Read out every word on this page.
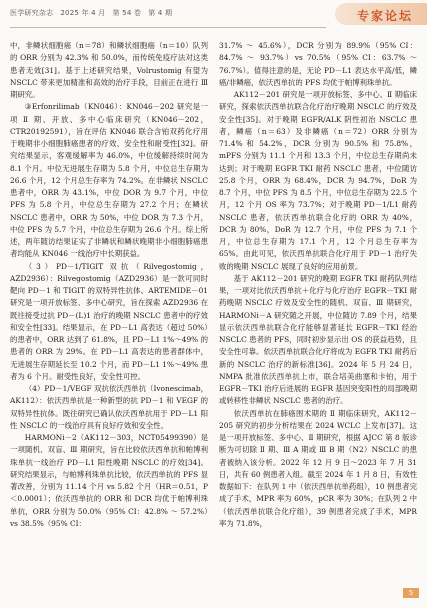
医学研究杂志　2025 年 4 月　第 54 卷　第 4 期	专家论坛

中，非鳞状细胞癌（n＝78）和鳞状细胞癌（n＝10）队列的 ORR 分别为 42.3% 和 50.0%，而传统免疫疗法对这类患者无效[31]。基于上述研究结果，Volrustomig 有望为 NSCLC 带来更加精准和高效的治疗手段，目前正在进行 Ⅲ 期研究。

③Erfonrilimab（KN046）：KN046－202 研究是一项 Ⅱ 期、开放、多中心临床研究（KN046－202，CTR20192591），旨在评估 KN046 联合含铂双药化疗用于晚期非小细胞肺癌患者的疗效、安全性和耐受性[32]。研究结果显示，客观缓解率为 46.0%，中位缓解持续时间为 8.1 个月。中位无进展生存期为 5.8 个月，中位总生存期为 26.6 个月，12 个月总生存率为 74.2%。在非鳞状 NSCLC 患者中，ORR 为 43.1%，中位 DOR 为 9.7 个月，中位 PFS 为 5.8 个月，中位总生存期为 27.2 个月；在鳞状 NSCLC 患者中，ORR 为 50%，中位 DOR 为 7.3 个月，中位 PFS 为 5.7 个月，中位总生存期为 26.6 个月。综上所述，两年随访结果证实了非鳞状和鳞状晚期非小细胞肺癌患者均能从 KN046 一线治疗中长期获益。

（3）PD－1/TIGIT 双抗（Rilvegostomig，AZD2936）：Rilvegostomig（AZD2936）是一款可同时靶向 PD－1 和 TIGIT 的双特异性抗体。ARTEMIDE－01 研究是一项开放标签、多中心研究，旨在探索 AZD2936 在既往接受过抗 PD－(L)1 治疗的晚期 NSCLC 患者中的疗效和安全性[33]。结果显示，在 PD－L1 高表达（超过 50%）的患者中，ORR 达到了 61.8%，且 PD－L1 1%～49% 的患者的 ORR 为 29%。在 PD－L1 高表达的患者群体中，无进展生存期延长至 10.2 个月，而 PD－L1 1%～49% 患者为 6 个月。耐受性良好，安全性可控。

（4）PD－1/VEGF 双抗依沃西单抗（Ivonescimab，AK112）：依沃西单抗是一种新型的抗 PD－1 和 VEGF 的双特异性抗体。既往研究已确认依沃西单抗用于 PD－L1 阳性 NSCLC 的一线治疗具有良好疗效和安全性。

HARMONi－2（AK112－303，NCT05499390）是一项随机、双盲、Ⅲ 期研究，旨在比较依沃西单抗和帕博利珠单抗一线治疗 PD－L1 阳性晚期 NSCLC 的疗效[34]。研究结果显示，与帕博利珠单抗比较，依沃西单抗的 PFS 显著改善，分别为 11.14 个月 vs 5.82 个月（HR＝0.51，P＜0.0001）；依沃西单抗的 ORR 和 DCR 均优于帕博利珠单抗，ORR 分别为 50.0%（95% CI：42.8% ～ 57.2%）vs 38.5%（95% CI：

31.7% ～ 45.6%），DCR 分别为 89.9%（95% CI：84.7% ～ 93.7%）vs 70.5%（95% CI：63.7% ～ 76.7%）。值得注意的是，无论 PD－L1 表达水平高/低，鳞癌/非鳞癌，依沃西单抗的 PFS 均优于帕博利珠单抗。

AK112－201 研究是一项开放标签、多中心、Ⅱ 期临床研究，探索依沃西单抗联合化疗治疗晚期 NSCLC 的疗效及安全性[35]。对于晚期 EGFR/ALK 阴性初治 NSCLC 患者，鳞癌（n＝63）及非鳞癌（n＝72）ORR 分别为 71.4% 和 54.2%，DCR 分别为 90.5% 和 75.8%，mPFS 分别为 11.1 个月和 13.3 个月，中位总生存期尚未达到；对于晚期 EGFR TKI 耐药 NSCLC 患者，中位随访 25.8 个月，ORR 为 68.4%，DCR 为 94.7%，DoR 为 8.7 个月，中位 PFS 为 8.5 个月，中位总生存期为 22.5 个月，12 个月 OS 率为 73.7%；对于晚期 PD－1/L1 耐药 NSCLC 患者，依沃西单抗联合化疗的 ORR 为 40%，DCR 为 80%，DoR 为 12.7 个月，中位 PFS 为 7.1 个月，中位总生存期为 17.1 个月，12 个月总生存率为 65%。由此可见，依沃西单抗联合化疗用于 PD－1 治疗失败的晚期 NSCLC 展现了良好的应用前景。

基于 AK112－201 研究的晚期 EGFR TKI 耐药队列结果，一项对比依沃西单抗＋化疗与化疗治疗 EGFR－TKI 耐药晚期 NSCLC 疗效及安全性的随机、双盲、Ⅲ 期研究，HARMONi－A 研究随之开展，中位随访 7.89 个月，结果显示依沃西单抗联合化疗能够显著延长 EGFR－TKI 经治 NSCLC 患者的 PFS，同时初步显示出 OS 的获益趋势，且安全性可靠。依沃西单抗联合化疗将成为 EGFR TKI 耐药后新的 NSCLC 治疗的新标准[36]。2024 年 5 月 24 日，NMPA 批准依沃西单抗上市，联合培美曲塞和卡铂，用于 EGFR－TKI 治疗后进展的 EGFR 基因突变阳性的局部晚期或转移性非鳞状 NSCLC 患者的治疗。

依沃西单抗在肺癌围术期的 Ⅱ 期临床研究，AK112－205 研究的初步分析结果在 2024 WCLC 上发布[37]。这是一项开放标签、多中心、Ⅱ 期研究，根据 AJCC 第 8 版诊断为可切除 Ⅱ 期、Ⅲ A 期或 Ⅲ B 期（N2）NSCLC 的患者被纳入该分析。2022 年 12 月 9 日～2023 年 7 月 31 日，共有 60 例患者入组。截至 2024 年 1 月 8 日，有效性数据如下：在队列 1 中（依沃西单抗单药组），10 例患者完成了手术，MPR 率为 60%，pCR 率为 30%；在队列 2 中（依沃西单抗联合化疗组），39 例患者完成了手术，MPR 率为 71.8%，

5
